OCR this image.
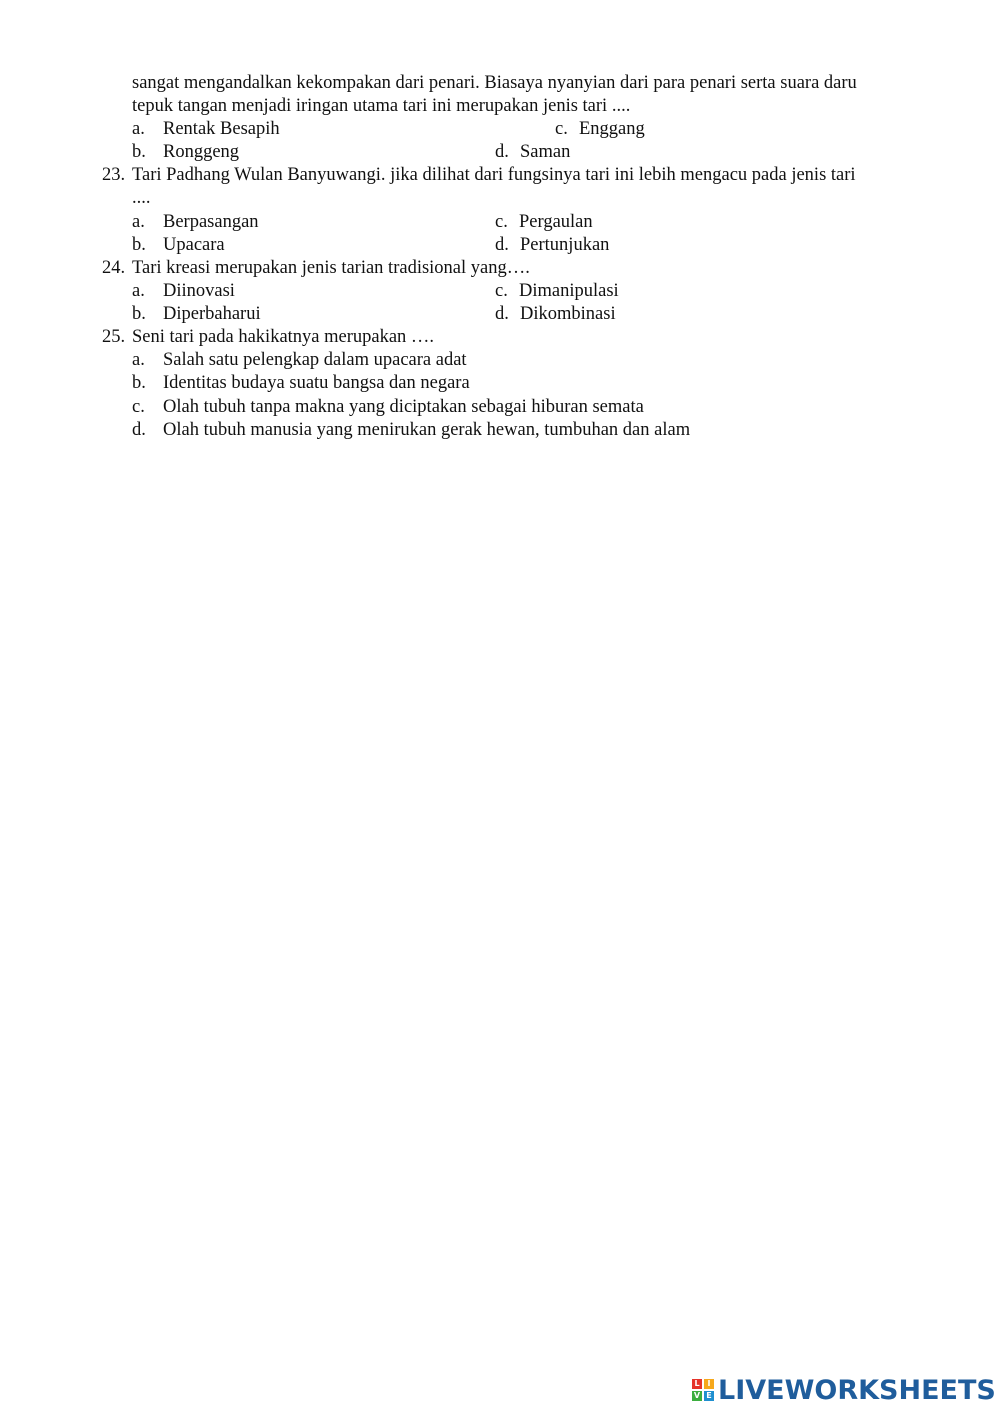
sangat mengandalkan kekompakan dari penari. Biasaya nyanyian dari para penari serta suara daru
tepuk tangan menjadi iringan utama tari ini merupakan jenis tari ....
a. Rentak Besapih	c. Enggang
b. Ronggeng	d. Saman
23. Tari Padhang Wulan Banyuwangi. jika dilihat dari fungsinya tari ini lebih mengacu pada jenis tari
....
a. Berpasangan	c. Pergaulan
b. Upacara	d. Pertunjukan
24. Tari kreasi merupakan jenis tarian tradisional yang….
a. Diinovasi	c. Dimanipulasi
b. Diperbaharui	d. Dikombinasi
25. Seni tari pada hakikatnya merupakan ….
a. Salah satu pelengkap dalam upacara adat
b. Identitas budaya suatu bangsa dan negara
c. Olah tubuh tanpa makna yang diciptakan sebagai hiburan semata
d. Olah tubuh manusia yang menirukan gerak hewan, tumbuhan dan alam
L I
V E LIVEWORKSHEETS
